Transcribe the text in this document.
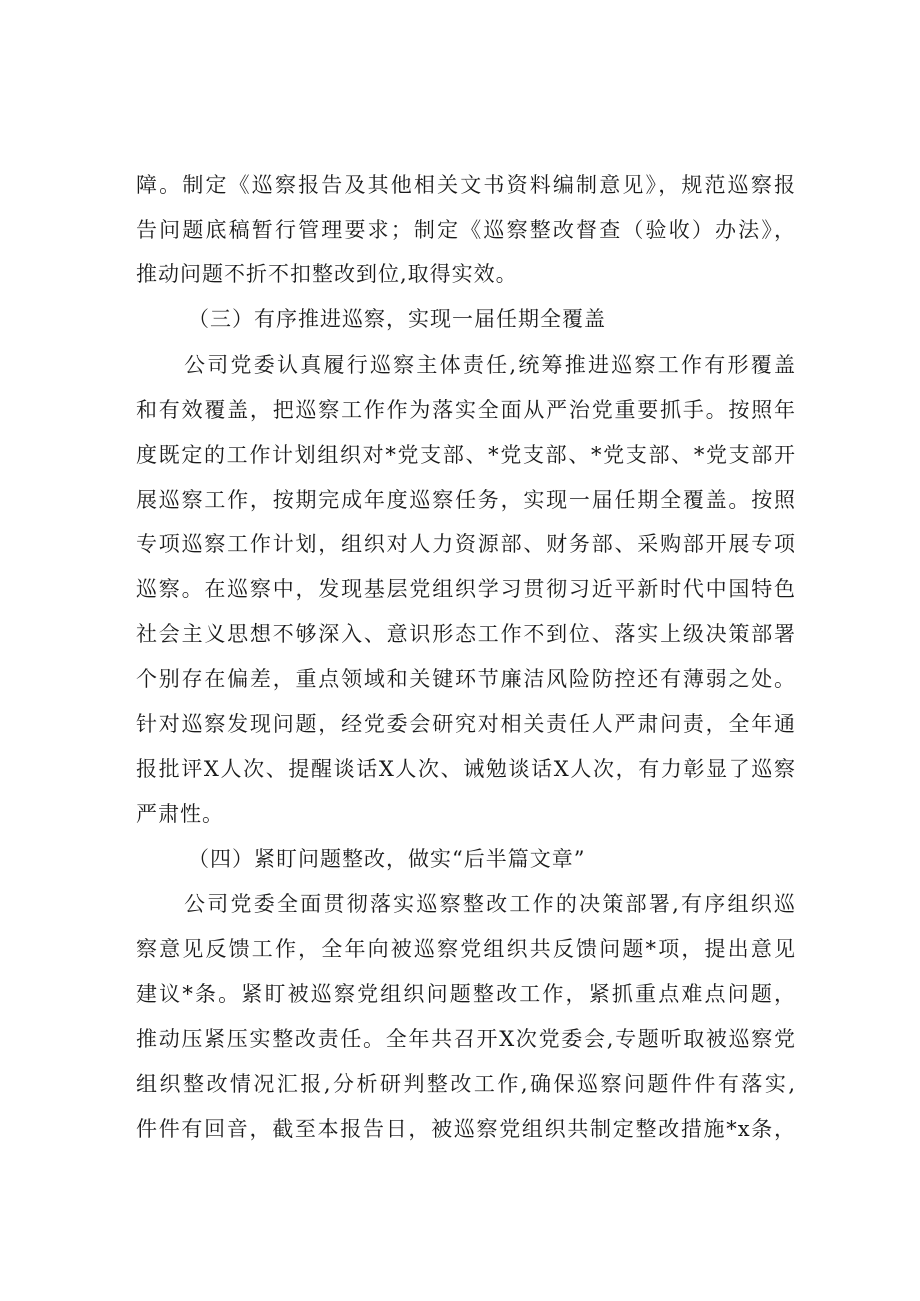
障。制定《巡察报告及其他相关文书资料编制意见》，规范巡察报
告问题底稿暂行管理要求；制定《巡察整改督查（验收）办法》，
推动问题不折不扣整改到位,取得实效。
（三）有序推进巡察，实现一届任期全覆盖
公司党委认真履行巡察主体责任,统筹推进巡察工作有形覆盖
和有效覆盖，把巡察工作作为落实全面从严治党重要抓手。按照年
度既定的工作计划组织对*党支部、*党支部、*党支部、*党支部开
展巡察工作，按期完成年度巡察任务，实现一届任期全覆盖。按照
专项巡察工作计划，组织对人力资源部、财务部、采购部开展专项
巡察。在巡察中，发现基层党组织学习贯彻习近平新时代中国特色
社会主义思想不够深入、意识形态工作不到位、落实上级决策部署
个别存在偏差，重点领域和关键环节廉洁风险防控还有薄弱之处。
针对巡察发现问题，经党委会研究对相关责任人严肃问责，全年通
报批评X人次、提醒谈话X人次、诫勉谈话X人次，有力彰显了巡察
严肃性。
（四）紧盯问题整改，做实“后半篇文章”
公司党委全面贯彻落实巡察整改工作的决策部署,有序组织巡
察意见反馈工作，全年向被巡察党组织共反馈问题*项，提出意见
建议*条。紧盯被巡察党组织问题整改工作，紧抓重点难点问题，
推动压紧压实整改责任。全年共召开X次党委会,专题听取被巡察党
组织整改情况汇报,分析研判整改工作,确保巡察问题件件有落实,
件件有回音，截至本报告日，被巡察党组织共制定整改措施*x条，
